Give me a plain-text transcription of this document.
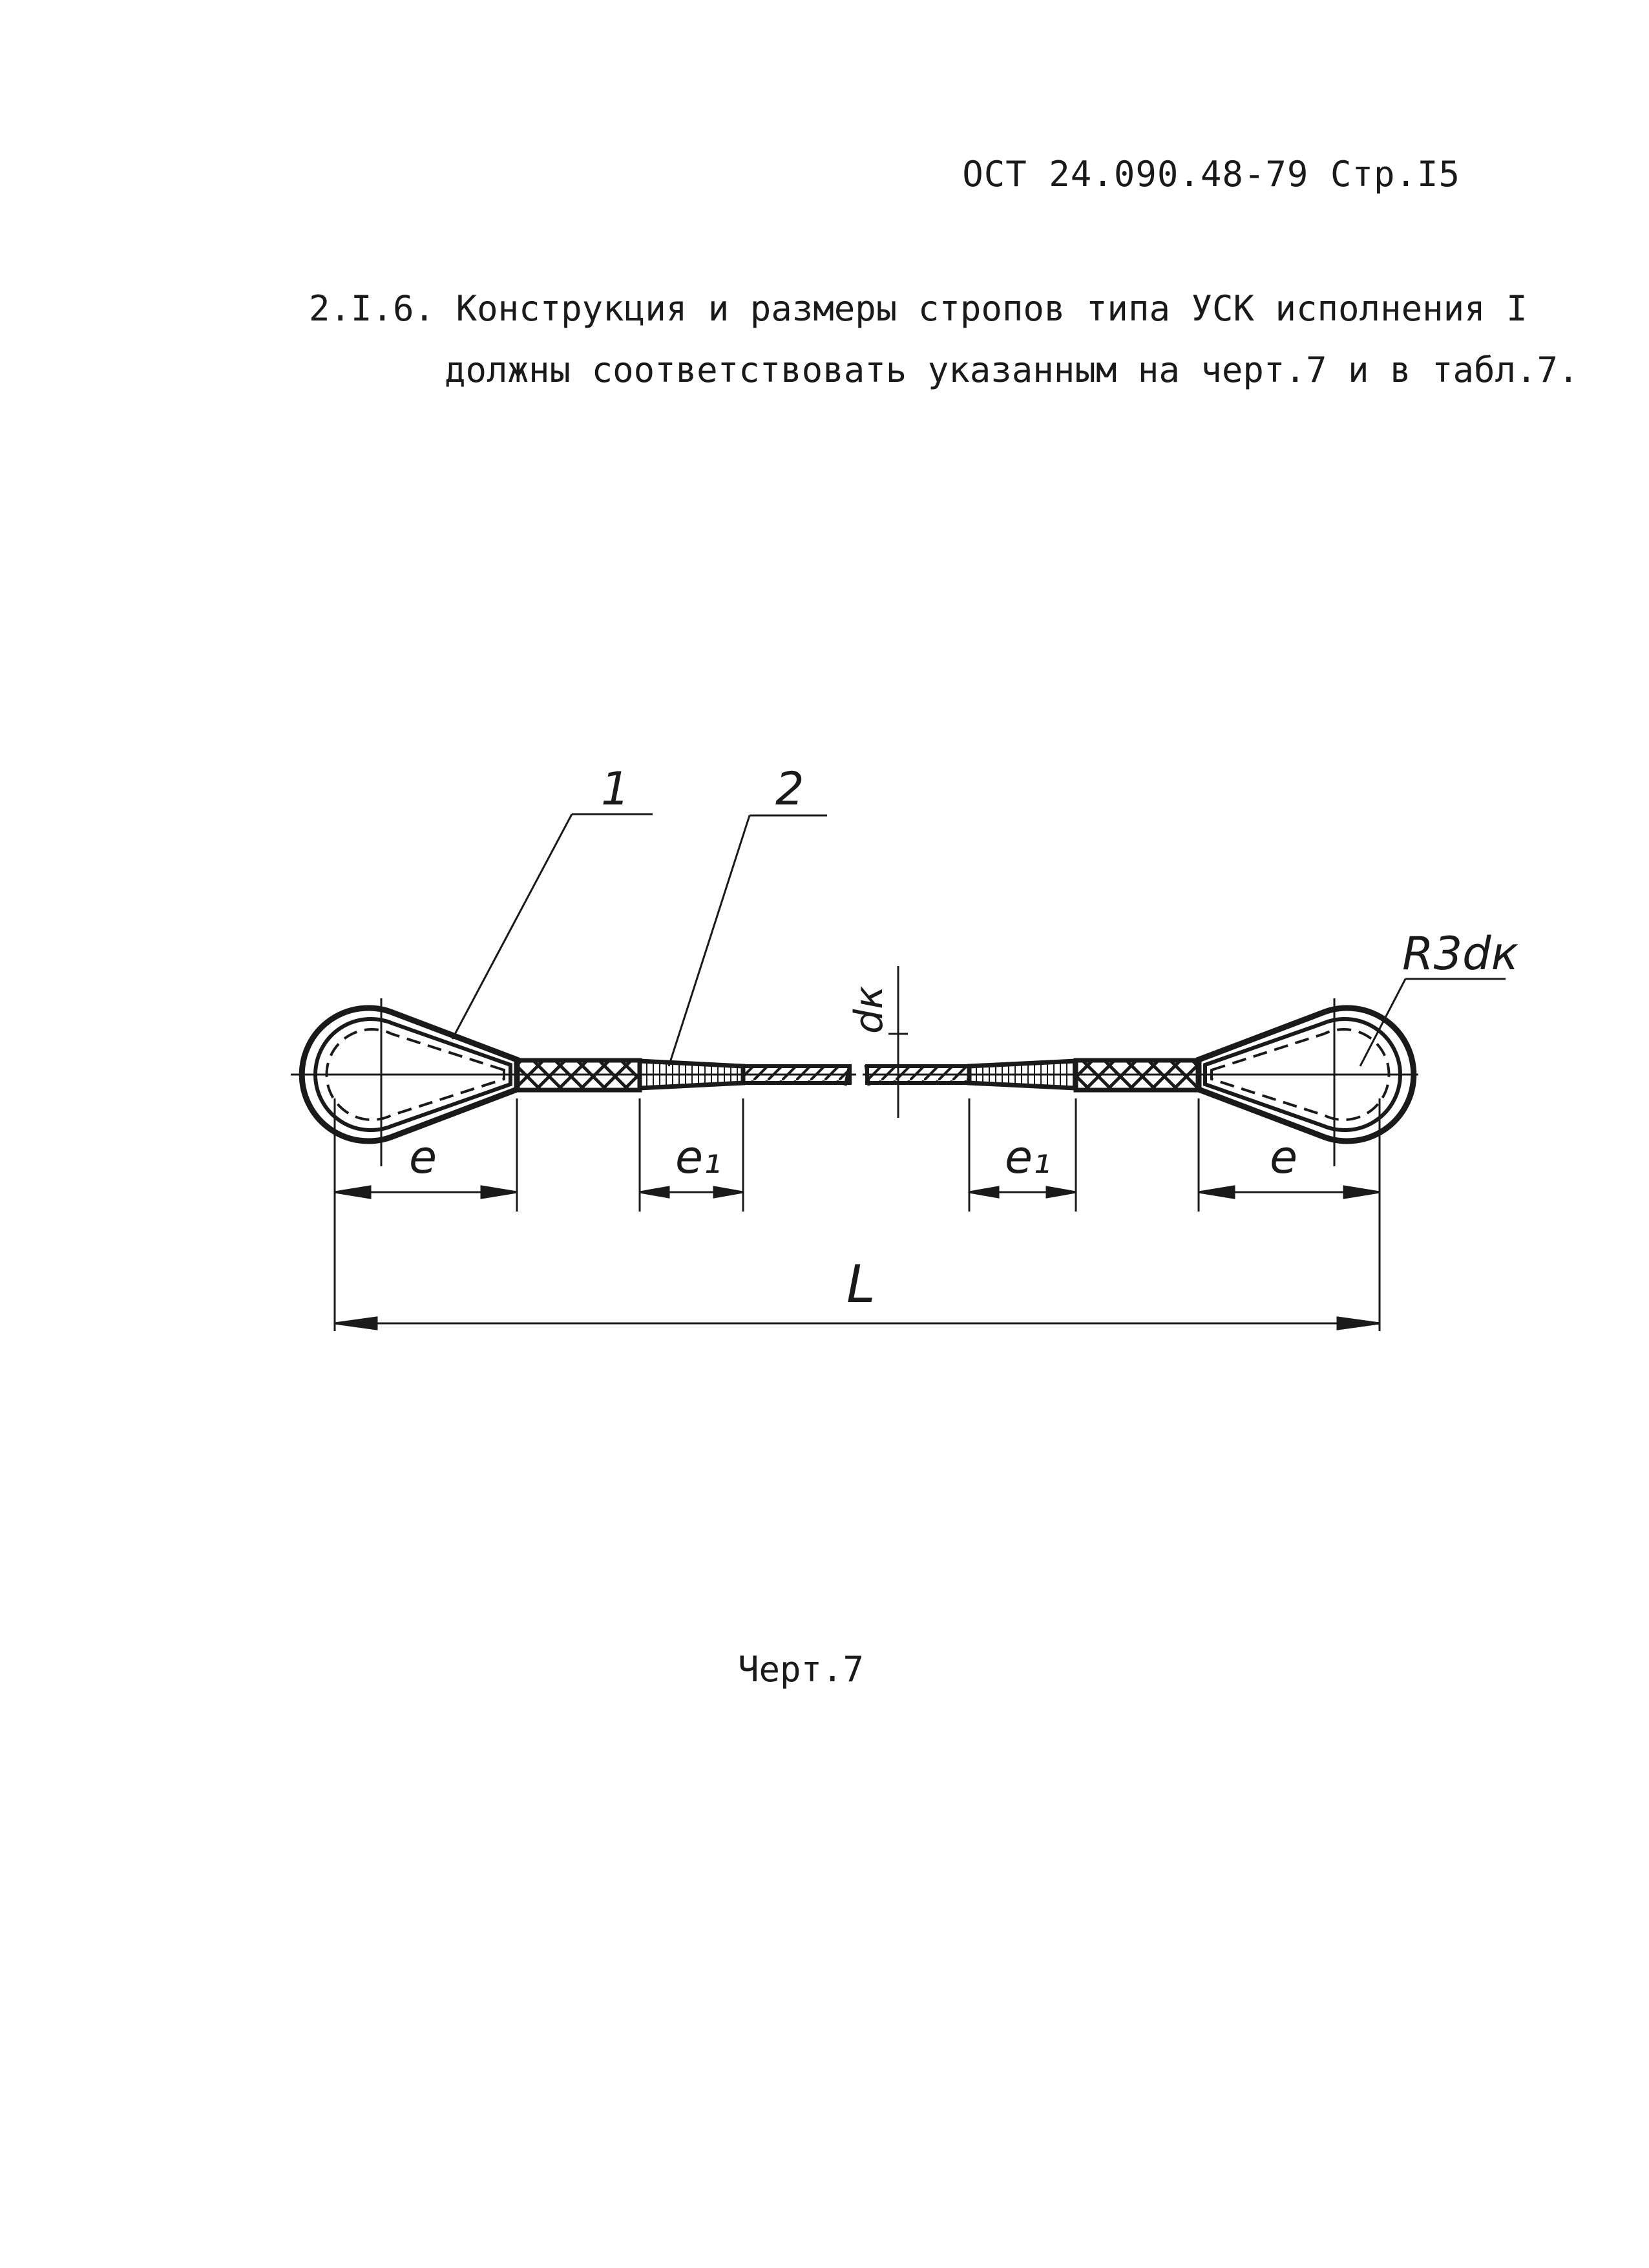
ОСТ 24.090.48-79 Стр.I5
2.I.6. Конструкция и размеры стропов типа УСК исполнения I
должны соответствовать указанным на черт.7 и в табл.7.
1	2
dк
R3dк
e	e₁	e₁	e
L
Черт.7
